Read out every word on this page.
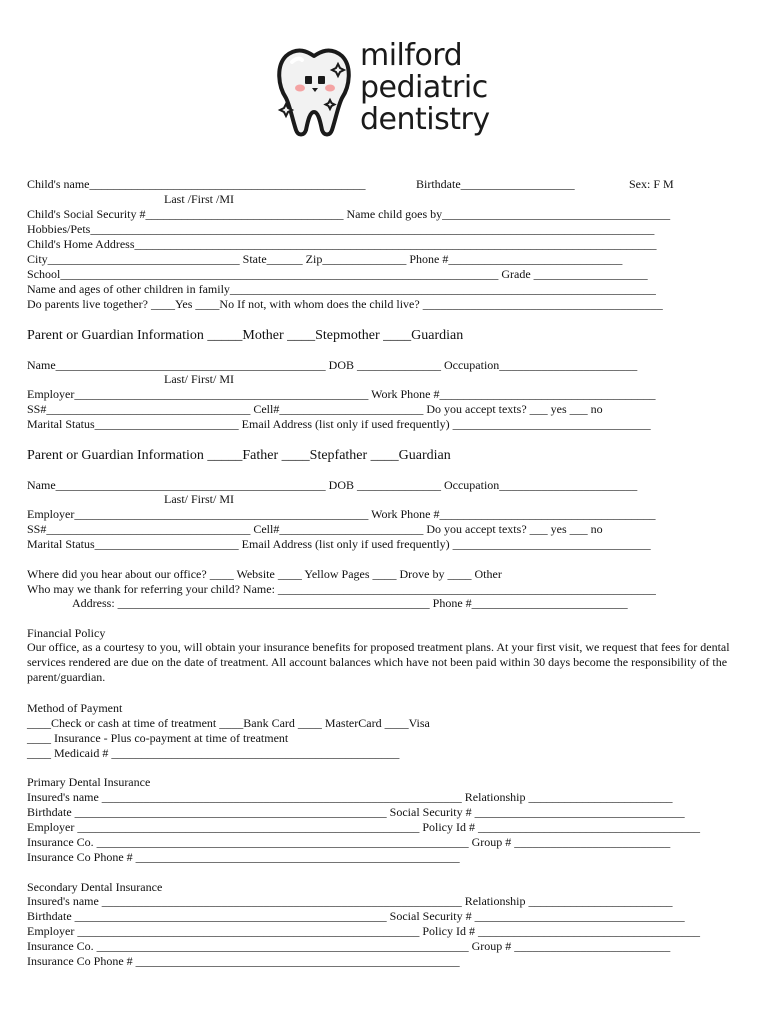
milford
pediatric
dentistry
Child's name______________________________________________	Birthdate___________________	Sex: F M
Last /First /MI
Child's Social Security #_________________________________ Name child goes by______________________________________
Hobbies/Pets______________________________________________________________________________________________
Child's Home Address_______________________________________________________________________________________
City________________________________ State______ Zip______________ Phone #_____________________________
School_________________________________________________________________________ Grade ___________________
Name and ages of other children in family_______________________________________________________________________
Do parents live together? ____Yes ____No If not, with whom does the child live? ________________________________________
Parent or Guardian Information _____Mother ____Stepmother ____Guardian
Name_____________________________________________ DOB ______________ Occupation_______________________
Last/ First/ MI
Employer_________________________________________________ Work Phone #____________________________________
SS#__________________________________ Cell#________________________ Do you accept texts? ___ yes ___ no
Marital Status________________________ Email Address (list only if used frequently) _________________________________
Parent or Guardian Information _____Father ____Stepfather ____Guardian
Name_____________________________________________ DOB ______________ Occupation_______________________
Last/ First/ MI
Employer_________________________________________________ Work Phone #____________________________________
SS#__________________________________ Cell#________________________ Do you accept texts? ___ yes ___ no
Marital Status________________________ Email Address (list only if used frequently) _________________________________
Where did you hear about our office? ____ Website ____ Yellow Pages ____ Drove by ____ Other
Who may we thank for referring your child? Name: _______________________________________________________________
Address: ____________________________________________________ Phone #__________________________
Financial Policy
Our office, as a courtesy to you, will obtain your insurance benefits for proposed treatment plans. At your first visit, we request that fees for dental services rendered are due on the date of treatment. All account balances which have not been paid within 30 days become the responsibility of the parent/guardian.
Method of Payment
____Check or cash at time of treatment ____Bank Card ____ MasterCard ____Visa
____ Insurance - Plus co-payment at time of treatment
____ Medicaid # ________________________________________________
Primary Dental Insurance
Insured's name ____________________________________________________________ Relationship ________________________
Birthdate ____________________________________________________ Social Security # ___________________________________
Employer _________________________________________________________ Policy Id # _____________________________________
Insurance Co. ______________________________________________________________ Group # __________________________
Insurance Co Phone # ______________________________________________________
Secondary Dental Insurance
Insured's name ____________________________________________________________ Relationship ________________________
Birthdate ____________________________________________________ Social Security # ___________________________________
Employer _________________________________________________________ Policy Id # _____________________________________
Insurance Co. ______________________________________________________________ Group # __________________________
Insurance Co Phone # ______________________________________________________
